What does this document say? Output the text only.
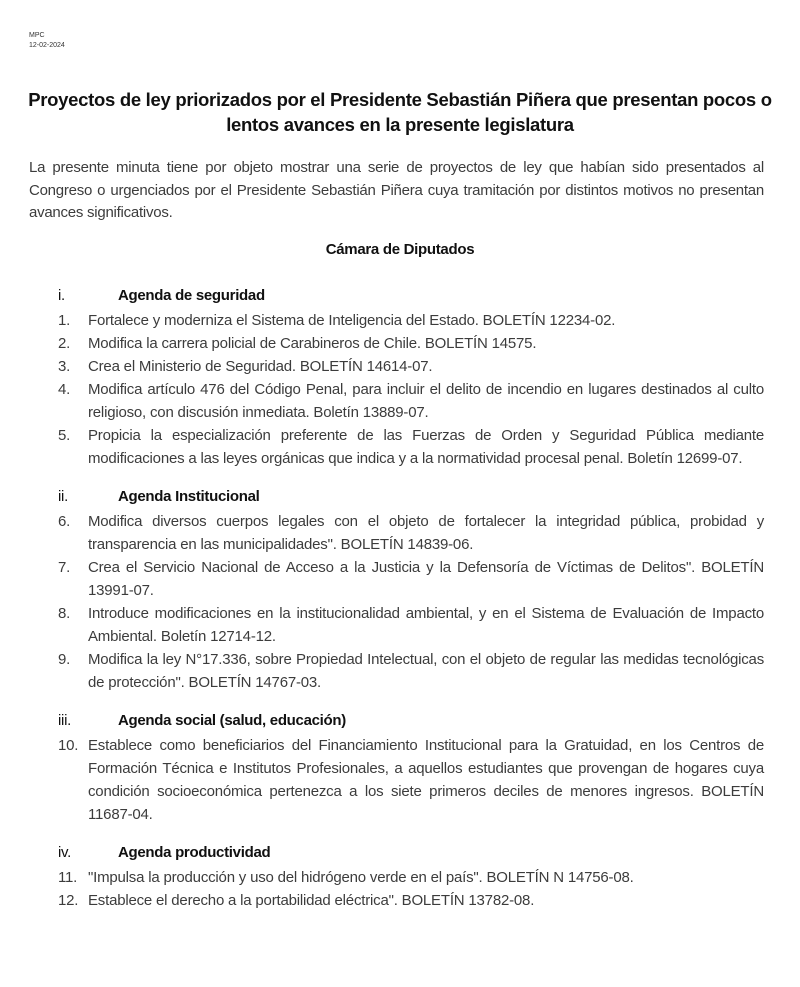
MPC
12-02-2024
Proyectos de ley priorizados por el Presidente Sebastián Piñera que presentan pocos o lentos avances en la presente legislatura
La presente minuta tiene por objeto mostrar una serie de proyectos de ley que habían sido presentados al Congreso o urgenciados por el Presidente Sebastián Piñera cuya tramitación por distintos motivos no presentan avances significativos.
Cámara de Diputados
i.	Agenda de seguridad
1. Fortalece y moderniza el Sistema de Inteligencia del Estado. BOLETÍN 12234-02.
2. Modifica la carrera policial de Carabineros de Chile. BOLETÍN 14575.
3. Crea el Ministerio de Seguridad. BOLETÍN 14614-07.
4. Modifica artículo 476 del Código Penal, para incluir el delito de incendio en lugares destinados al culto religioso, con discusión inmediata. Boletín 13889-07.
5. Propicia la especialización preferente de las Fuerzas de Orden y Seguridad Pública mediante modificaciones a las leyes orgánicas que indica y a la normatividad procesal penal. Boletín 12699-07.
ii.	Agenda Institucional
6. Modifica diversos cuerpos legales con el objeto de fortalecer la integridad pública, probidad y transparencia en las municipalidades". BOLETÍN 14839-06.
7. Crea el Servicio Nacional de Acceso a la Justicia y la Defensoría de Víctimas de Delitos". BOLETÍN 13991-07.
8. Introduce modificaciones en la institucionalidad ambiental, y en el Sistema de Evaluación de Impacto Ambiental. Boletín 12714-12.
9. Modifica la ley N°17.336, sobre Propiedad Intelectual, con el objeto de regular las medidas tecnológicas de protección". BOLETÍN 14767-03.
iii.	Agenda social (salud, educación)
10. Establece como beneficiarios del Financiamiento Institucional para la Gratuidad, en los Centros de Formación Técnica e Institutos Profesionales, a aquellos estudiantes que provengan de hogares cuya condición socioeconómica pertenezca a los siete primeros deciles de menores ingresos. BOLETÍN 11687-04.
iv.	Agenda productividad
11. "Impulsa la producción y uso del hidrógeno verde en el país". BOLETÍN N 14756-08.
12. Establece el derecho a la portabilidad eléctrica". BOLETÍN 13782-08.
